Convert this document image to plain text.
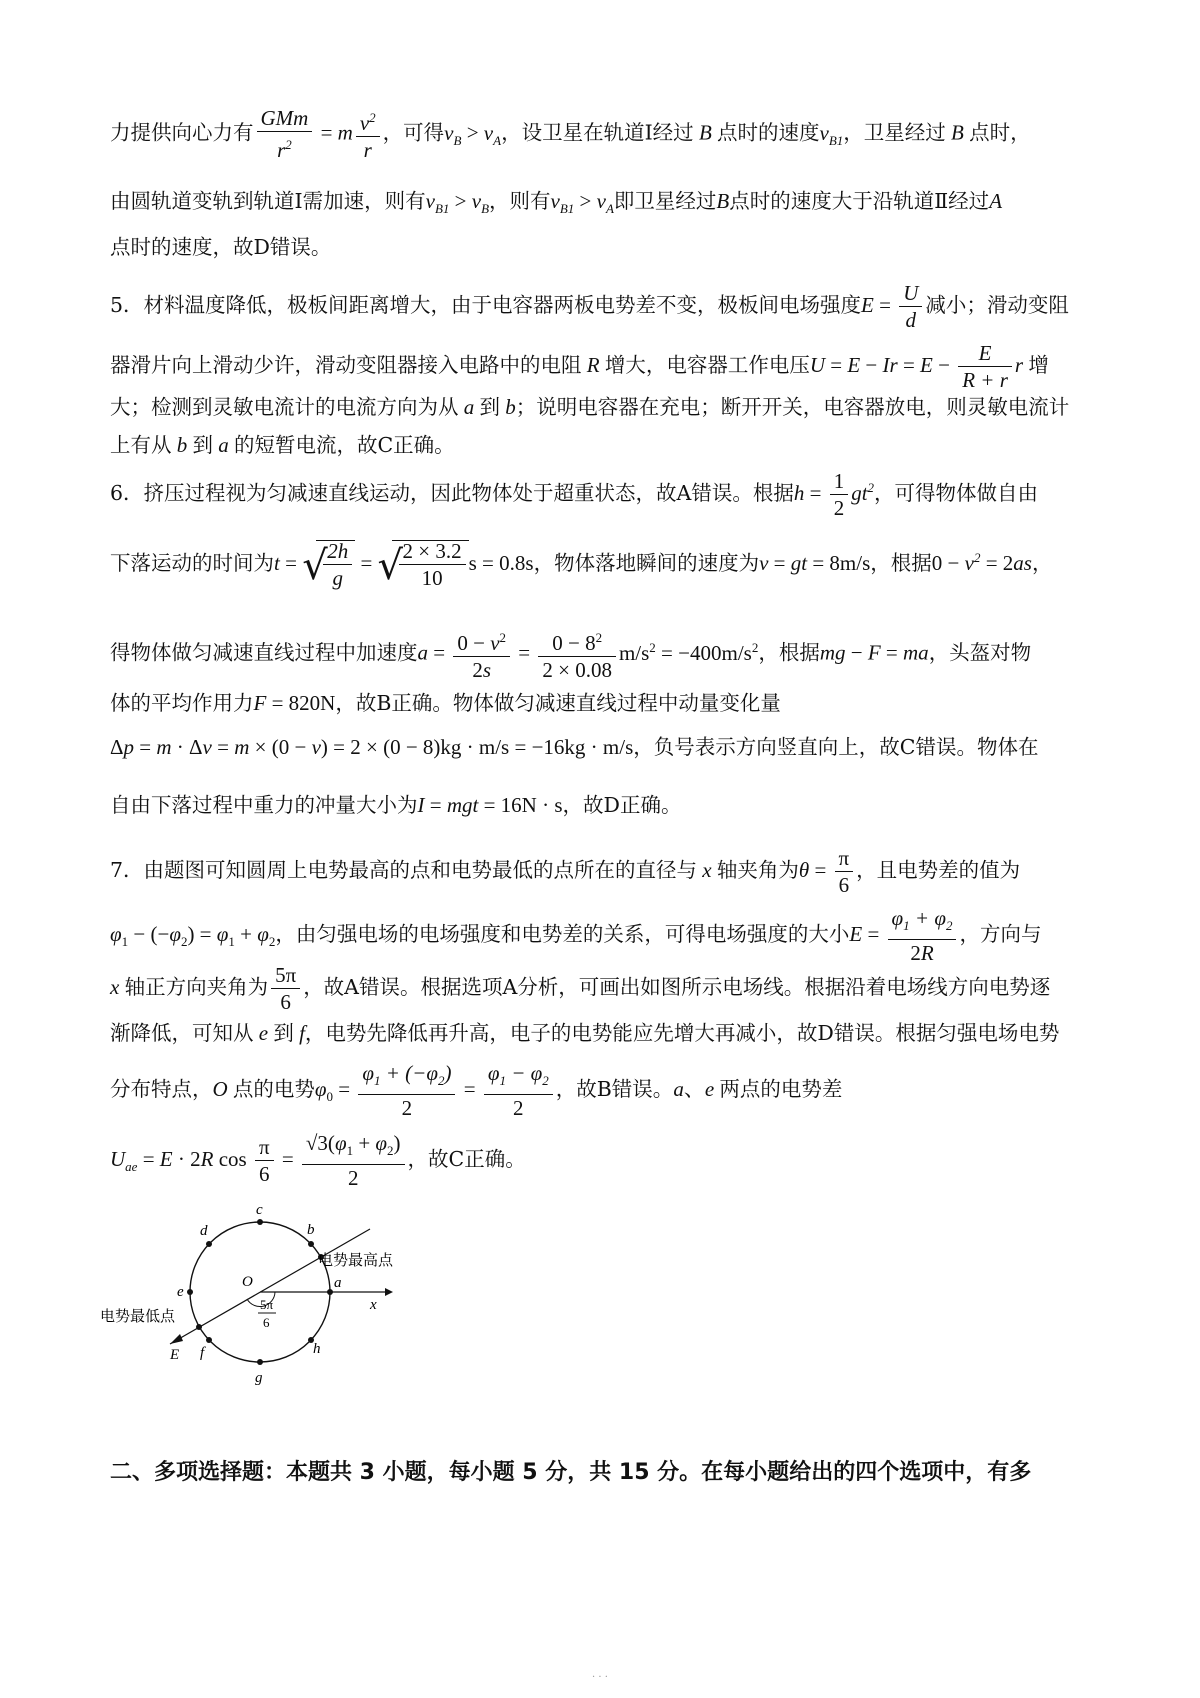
力提供向心力有 $\frac{\text{GMm}}{r^2} = m \frac{v^2}{r}$ ，可得$v_B > v_A$，设卫星在轨道Ⅰ经过 B 点时的速度$v_{B1}$，卫星经过 B 点时，
由圆轨道变轨到轨道Ⅰ需加速，则有$v_{B1} > v_B$，则有$v_{B1} > v_A$即卫星经过B点时的速度大于沿轨道Ⅱ经过A
点时的速度，故D错误。
5．材料温度降低，极板间距离增大，由于电容器两板电势差不变，极板间电场强度$E = \frac{U}{d}$ 减小；滑动变阻
器滑片向上滑动少许，滑动变阻器接入电路中的电阻 R 增大，电容器工作电压$U = E - Ir = E - \frac{E}{R + r}$ r 增
大；检测到灵敏电流计的电流方向为从 a 到 b；说明电容器在充电；断开开关，电容器放电，则灵敏电流计
上有从 b 到 a 的短暂电流，故C正确。
6．挤压过程视为匀减速直线运动，因此物体处于超重状态，故A错误。根据$h = \frac{1}{2} gt^2$，可得物体做自由
下落运动的时间为t = √
$\frac{2h}{g}$ = √
$\frac{2 \times 3.2}{10}$ s = 0.8s，物体落地瞬间的速度为v = gt = 8m/s，根据$0 - v^2 = 2as$，
得物体做匀减速直线过程中加速度$a = \frac{0 - v^2}{2s} = \frac{0 - 8^2}{2 \times 0.08} m/s^2 = -400m/s^2$，根据mg − F = ma，头盔对物
体的平均作用力F = 820N，故B正确。物体做匀减速直线过程中动量变化量
Δp = m · Δv = m × (0 − v) = 2 × (0 − 8)kg · m/s = −16kg · m/s，负号表示方向竖直向上，故C错误。物体在
自由下落过程中重力的冲量大小为I = mgt = 16N · s，故D正确。
7．由题图可知圆周上电势最高的点和电势最低的点所在的直径与 x 轴夹角为$\theta = \frac{\pi}{6}$ ，且电势差的值为
$\varphi_1 - (-\varphi_2) = \varphi_1 + \varphi_2$，由匀强电场的电场强度和电势差的关系，可得电场强度的大小$E = \frac{\varphi_1 + \varphi_2}{2R}$ ，方向与
x 轴正方向夹角为 $\frac{5\pi}{6}$ ，故A错误。根据选项A分析，可画出如图所示电场线。根据沿着电场线方向电势逐
渐降低，可知从 e 到 f，电势先降低再升高，电子的电势能应先增大再减小，故D错误。根据匀强电场电势
分布特点，O 点的电势$\varphi_0 = \frac{\varphi_1 + (-\varphi_2)}{2} = \frac{\varphi_1 - \varphi_2}{2}$ ，故B错误。a、e 两点的电势差
$U_{ae} = E \cdot 2R$ $\cos \frac{\pi}{6} = \frac{√3(\varphi_1 + \varphi_2)}{2}$ ，故C正确。
x
a
b
c
d
e
f
g
h
O
E
5π
6
电势最高点
电势最低点
二、多项选择题：本题共 3 小题，每小题 5 分，共 15 分。在每小题给出的四个选项中，有多
· · ·
